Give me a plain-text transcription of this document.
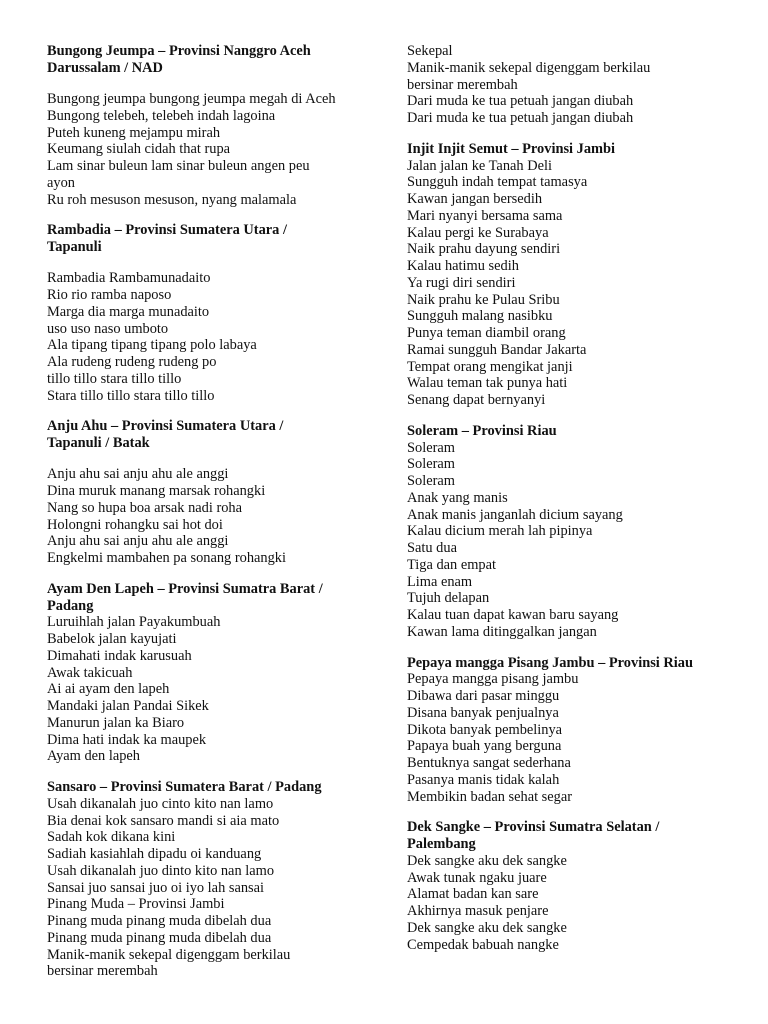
Bungong Jeumpa – Provinsi Nanggro Aceh
Darussalam / NAD
Bungong jeumpa bungong jeumpa megah di Aceh
Bungong telebeh, telebeh indah lagoina
Puteh kuneng mejampu mirah
Keumang siulah cidah that rupa
Lam sinar buleun lam sinar buleun angen peu
ayon
Ru roh mesuson mesuson, nyang malamala
Rambadia – Provinsi Sumatera Utara /
Tapanuli
Rambadia Rambamunadaito
Rio rio ramba naposo
Marga dia marga munadaito
uso uso naso umboto
Ala tipang tipang tipang polo labaya
Ala rudeng rudeng rudeng po
tillo tillo stara tillo tillo
Stara tillo tillo stara tillo tillo
Anju Ahu – Provinsi Sumatera Utara /
Tapanuli / Batak
Anju ahu sai anju ahu ale anggi
Dina muruk manang marsak rohangki
Nang so hupa boa arsak nadi roha
Holongni rohangku sai hot doi
Anju ahu sai anju ahu ale anggi
Engkelmi mambahen pa sonang rohangki
Ayam Den Lapeh – Provinsi Sumatra Barat /
Padang
Luruihlah jalan Payakumbuah
Babelok jalan kayujati
Dimahati indak karusuah
Awak takicuah
Ai ai ayam den lapeh
Mandaki jalan Pandai Sikek
Manurun jalan ka Biaro
Dima hati indak ka maupek
Ayam den lapeh
Sansaro – Provinsi Sumatera Barat / Padang
Usah dikanalah juo cinto kito nan lamo
Bia denai kok sansaro mandi si aia mato
Sadah kok dikana kini
Sadiah kasiahlah dipadu oi kanduang
Usah dikanalah juo dinto kito nan lamo
Sansai juo sansai juo oi iyo lah sansai
Pinang Muda – Provinsi Jambi
Pinang muda pinang muda dibelah dua
Pinang muda pinang muda dibelah dua
Manik-manik sekepal digenggam berkilau
bersinar merembah
Sekepal
Manik-manik sekepal digenggam berkilau
bersinar merembah
Dari muda ke tua petuah jangan diubah
Dari muda ke tua petuah jangan diubah
Injit Injit Semut – Provinsi Jambi
Jalan jalan ke Tanah Deli
Sungguh indah tempat tamasya
Kawan jangan bersedih
Mari nyanyi bersama sama
Kalau pergi ke Surabaya
Naik prahu dayung sendiri
Kalau hatimu sedih
Ya rugi diri sendiri
Naik prahu ke Pulau Sribu
Sungguh malang nasibku
Punya teman diambil orang
Ramai sungguh Bandar Jakarta
Tempat orang mengikat janji
Walau teman tak punya hati
Senang dapat bernyanyi
Soleram – Provinsi Riau
Soleram
Soleram
Soleram
Anak yang manis
Anak manis janganlah dicium sayang
Kalau dicium merah lah pipinya
Satu dua
Tiga dan empat
Lima enam
Tujuh delapan
Kalau tuan dapat kawan baru sayang
Kawan lama ditinggalkan jangan
Pepaya mangga Pisang Jambu – Provinsi Riau
Pepaya mangga pisang jambu
Dibawa dari pasar minggu
Disana banyak penjualnya
Dikota banyak pembelinya
Papaya buah yang berguna
Bentuknya sangat sederhana
Pasanya manis tidak kalah
Membikin badan sehat segar
Dek Sangke – Provinsi Sumatra Selatan /
Palembang
Dek sangke aku dek sangke
Awak tunak ngaku juare
Alamat badan kan sare
Akhirnya masuk penjare
Dek sangke aku dek sangke
Cempedak babuah nangke
